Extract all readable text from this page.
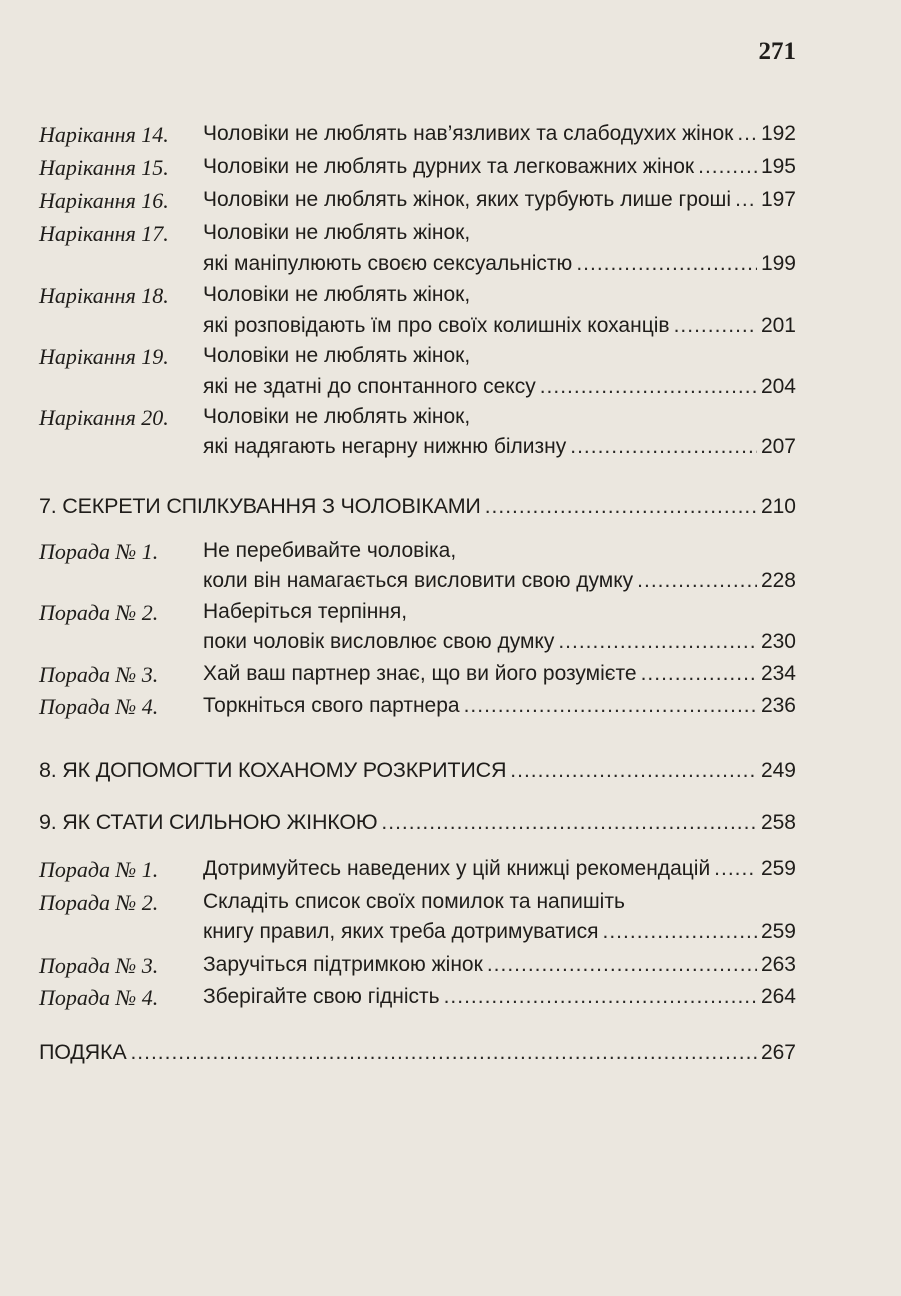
271
Нарікання 14. Чоловіки не люблять нав’язливих та слабодухих жінок ..... 192
Нарікання 15. Чоловіки не люблять дурних та легковажних жінок .....	195
Нарікання 16. Чоловіки не люблять жінок, яких турбують лише гроші ..... 197
Нарікання 17. Чоловіки не люблять жінок,
які маніпулюють своєю сексуальністю .....	199
Нарікання 18. Чоловіки не люблять жінок,
які розповідають їм про своїх колишніх коханців .....	201
Нарікання 19. Чоловіки не люблять жінок,
які не здатні до спонтанного сексу .....	204
Нарікання 20. Чоловіки не люблять жінок,
які надягають негарну нижню білизну .....	207
7. СЕКРЕТИ СПІЛКУВАННЯ З ЧОЛОВІКАМИ .....	210
Порада № 1. Не перебивайте чоловіка,
коли він намагається висловити свою думку .....	228
Порада № 2. Наберіться терпіння,
поки чоловік висловлює свою думку .....	230
Порада № 3. Хай ваш партнер знає, що ви його розумієте .....	234
Порада № 4. Торкніться свого партнера .....	236
8. ЯК ДОПОМОГТИ КОХАНОМУ РОЗКРИТИСЯ .....	249
9. ЯК СТАТИ СИЛЬНОЮ ЖІНКОЮ .....	258
Порада № 1. Дотримуйтесь наведених у цій книжці рекомендацій ..... 259
Порада № 2. Складіть список своїх помилок та напишіть
книгу правил, яких треба дотримуватися .....	259
Порада № 3. Заручіться підтримкою жінок .....	263
Порада № 4. Зберігайте свою гідність .....	264
ПОДЯКА .....	267
